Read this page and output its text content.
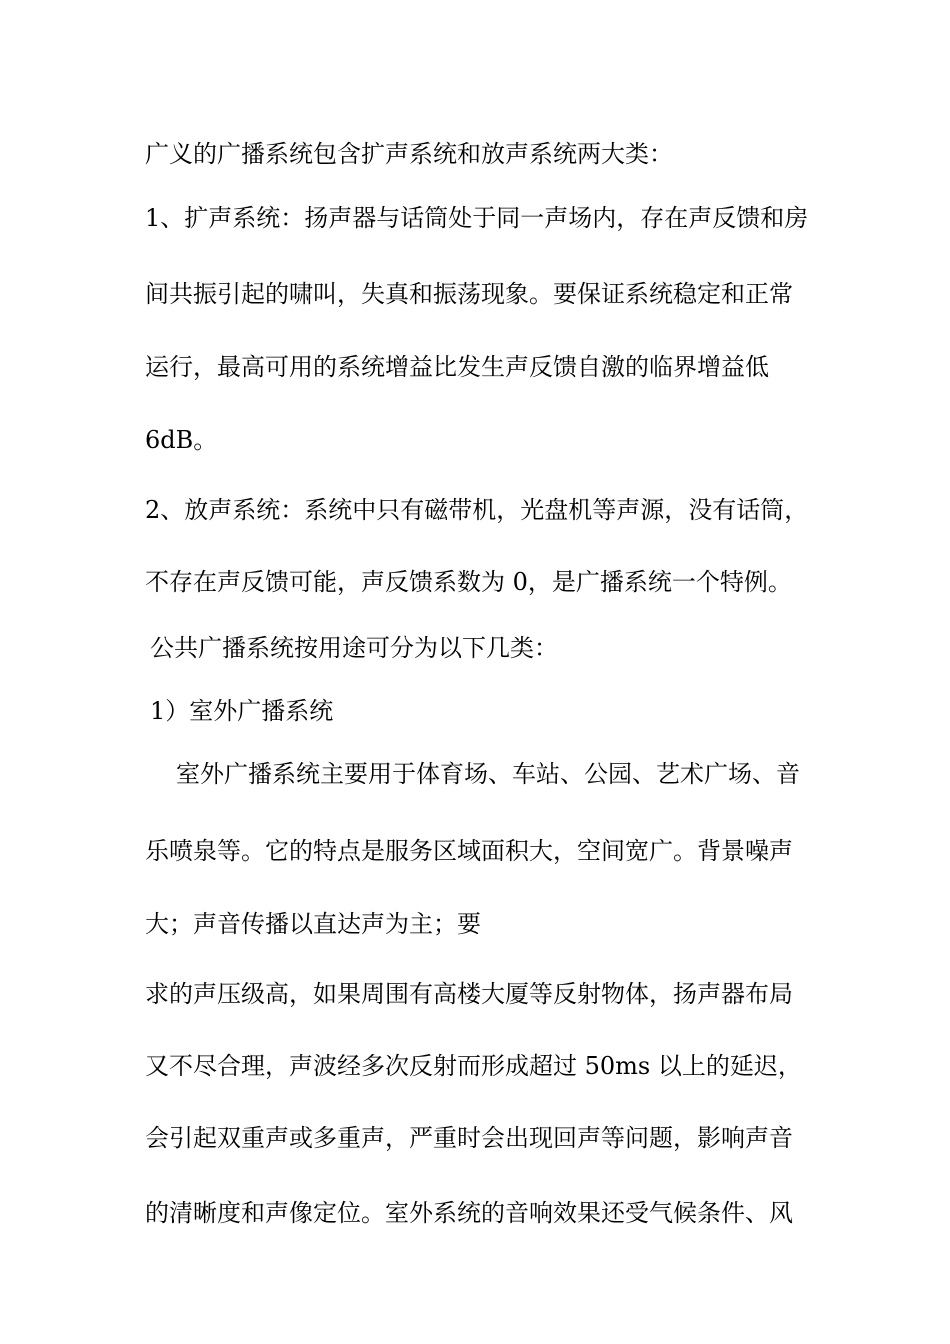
广义的广播系统包含扩声系统和放声系统两大类：
1、扩声系统：扬声器与话筒处于同一声场内，存在声反馈和房
间共振引起的啸叫，失真和振荡现象。要保证系统稳定和正常
运行，最高可用的系统增益比发生声反馈自激的临界增益低
6dB。
2、放声系统：系统中只有磁带机，光盘机等声源，没有话筒，
不存在声反馈可能，声反馈系数为 0，是广播系统一个特例。
公共广播系统按用途可分为以下几类：
1）室外广播系统
室外广播系统主要用于体育场、车站、公园、艺术广场、音
乐喷泉等。它的特点是服务区域面积大，空间宽广。背景噪声
大；声音传播以直达声为主；要
求的声压级高，如果周围有高楼大厦等反射物体，扬声器布局
又不尽合理，声波经多次反射而形成超过 50ms 以上的延迟，
会引起双重声或多重声，严重时会出现回声等问题，影响声音
的清晰度和声像定位。室外系统的音响效果还受气候条件、风
